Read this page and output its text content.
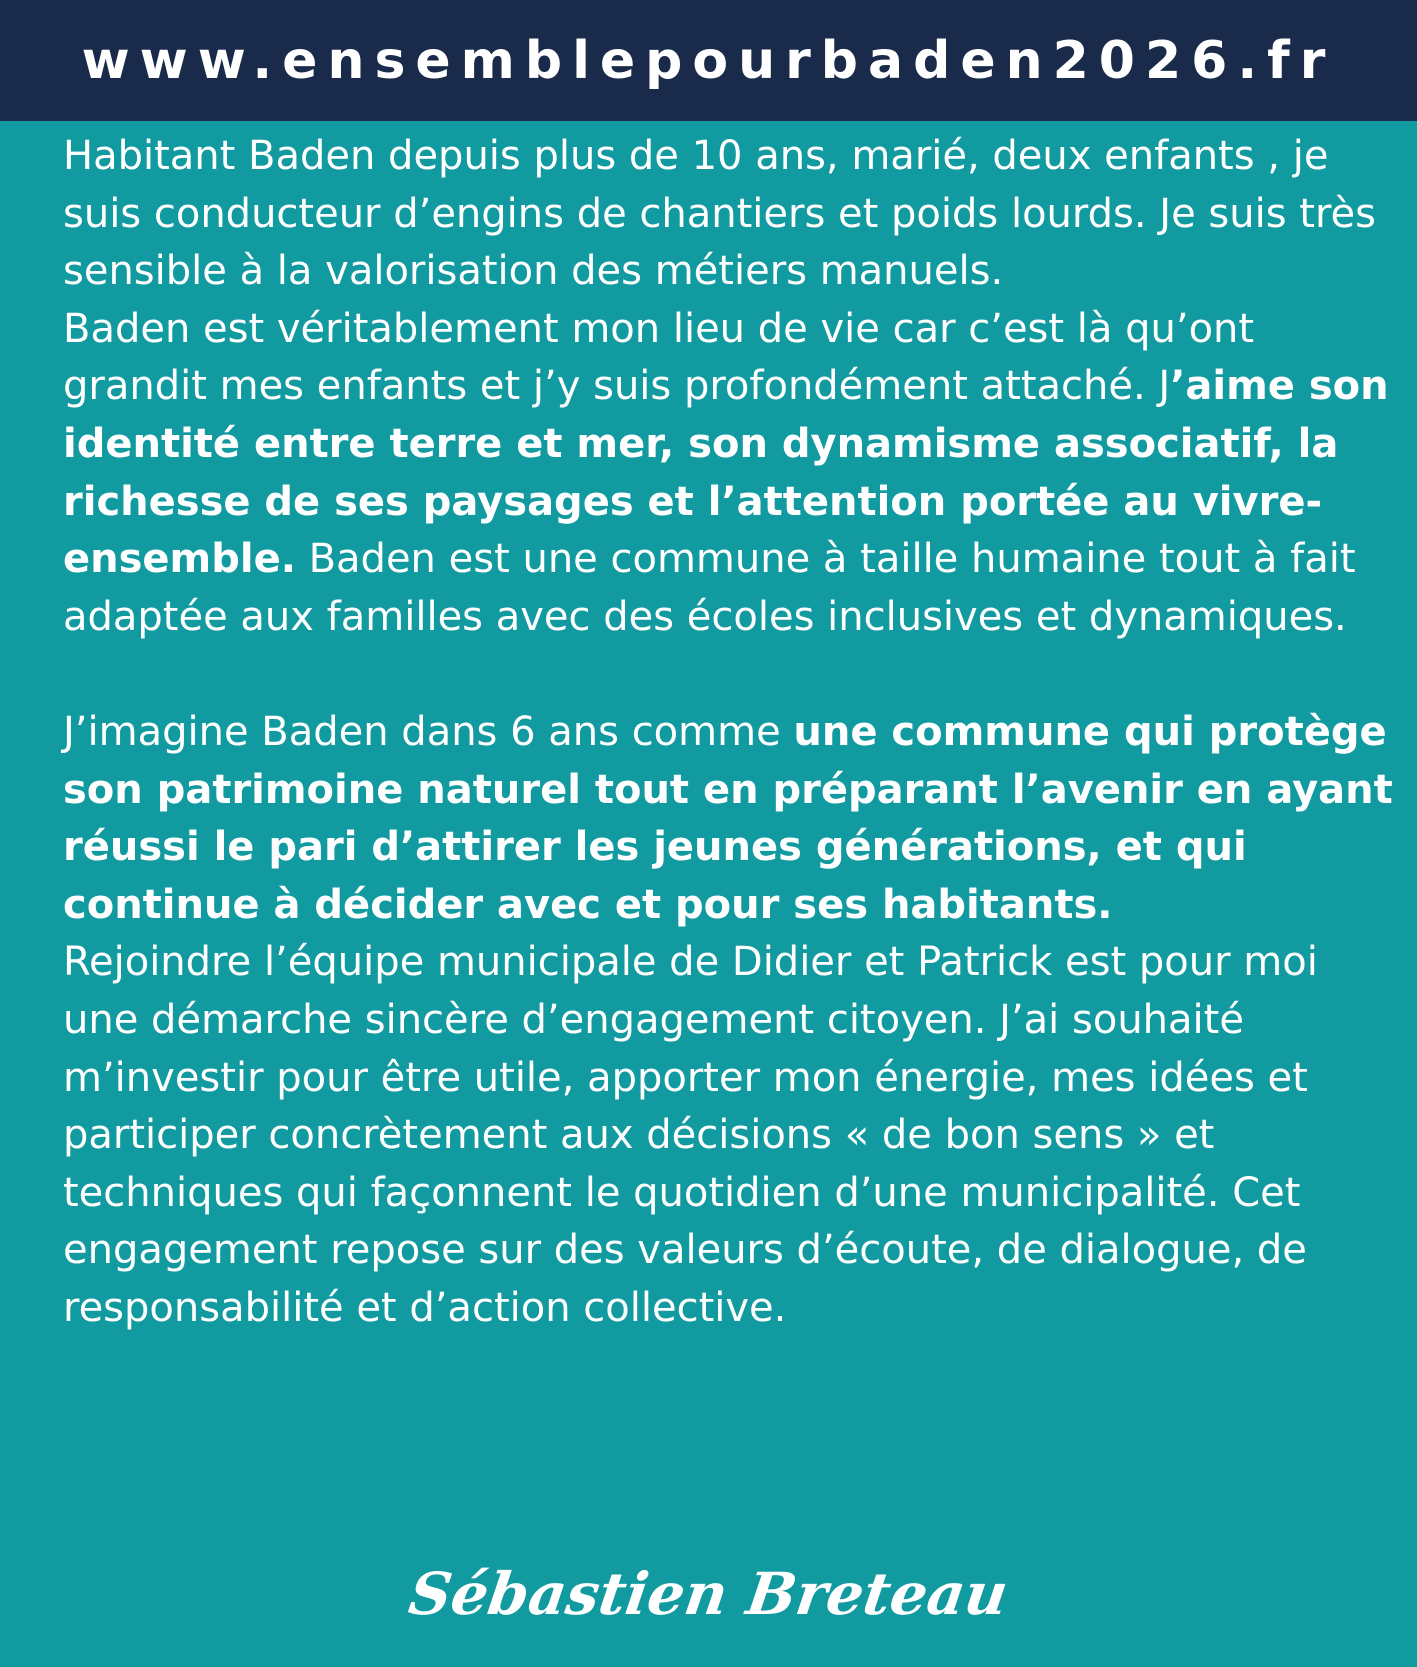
www.ensemblepourbaden2026.fr

Habitant Baden depuis plus de 10 ans, marié, deux enfants , je suis conducteur d’engins de chantiers et poids lourds. Je suis très sensible à la valorisation des métiers manuels.

Baden est véritablement mon lieu de vie car c’est là qu’ont grandit mes enfants et j’y suis profondément attaché. J’aime son identité entre terre et mer, son dynamisme associatif, la richesse de ses paysages et l’attention portée au vivre-ensemble. Baden est une commune à taille humaine tout à fait adaptée aux familles avec des écoles inclusives et dynamiques.

J’imagine Baden dans 6 ans comme une commune qui protège son patrimoine naturel tout en préparant l’avenir en ayant réussi le pari d’attirer les jeunes générations, et qui continue à décider avec et pour ses habitants.

Rejoindre l’équipe municipale de Didier et Patrick est pour moi une démarche sincère d’engagement citoyen. J’ai souhaité m’investir pour être utile, apporter mon énergie, mes idées et participer concrètement aux décisions « de bon sens » et techniques qui façonnent le quotidien d’une municipalité. Cet engagement repose sur des valeurs d’écoute, de dialogue, de responsabilité et d’action collective.

Sébastien Breteau
